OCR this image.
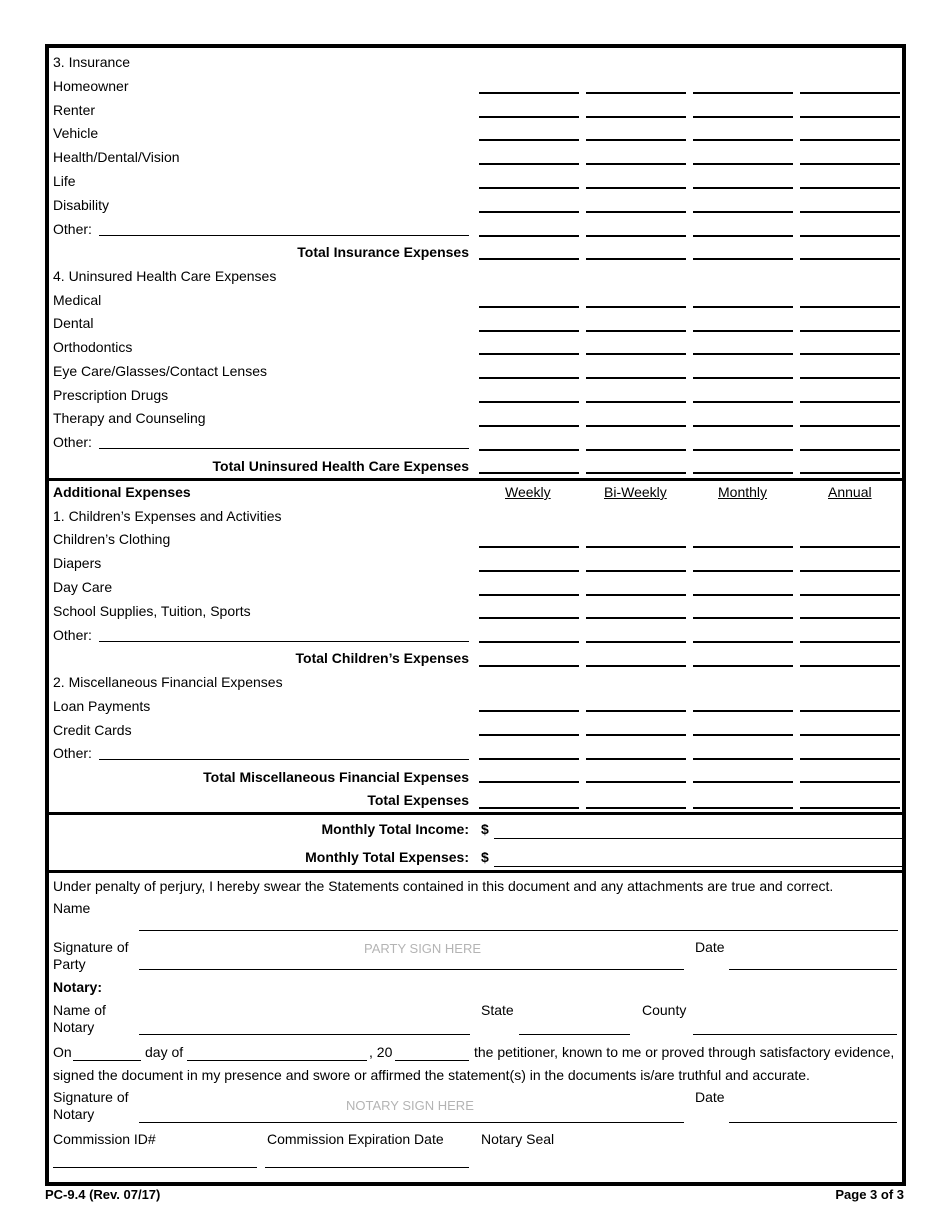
3. Insurance
Homeowner
Renter
Vehicle
Health/Dental/Vision
Life
Disability
Other:
Total Insurance Expenses
4. Uninsured Health Care Expenses
Medical
Dental
Orthodontics
Eye Care/Glasses/Contact Lenses
Prescription Drugs
Therapy and Counseling
Other:
Total Uninsured Health Care Expenses
Additional Expenses	Weekly	Bi-Weekly	Monthly	Annual
1. Children’s Expenses and Activities
Children’s Clothing
Diapers
Day Care
School Supplies, Tuition, Sports
Other:
Total Children’s Expenses
2. Miscellaneous Financial Expenses
Loan Payments
Credit Cards
Other:
Total Miscellaneous Financial Expenses
Total Expenses
Monthly Total Income: $
Monthly Total Expenses: $
Under penalty of perjury, I hereby swear the Statements contained in this document and any attachments are true and correct.
Name
Signature of
Party
PARTY SIGN HERE	Date
Notary:
Name of
Notary
State	County
On	day of	, 20	the petitioner, known to me or proved through satisfactory evidence,
signed the document in my presence and swore or affirmed the statement(s) in the documents is/are truthful and accurate.
Signature of
Notary
NOTARY SIGN HERE
Date
Commission ID#	Commission Expiration Date	Notary Seal
PC-9.4 (Rev. 07/17)	Page 3 of 3
